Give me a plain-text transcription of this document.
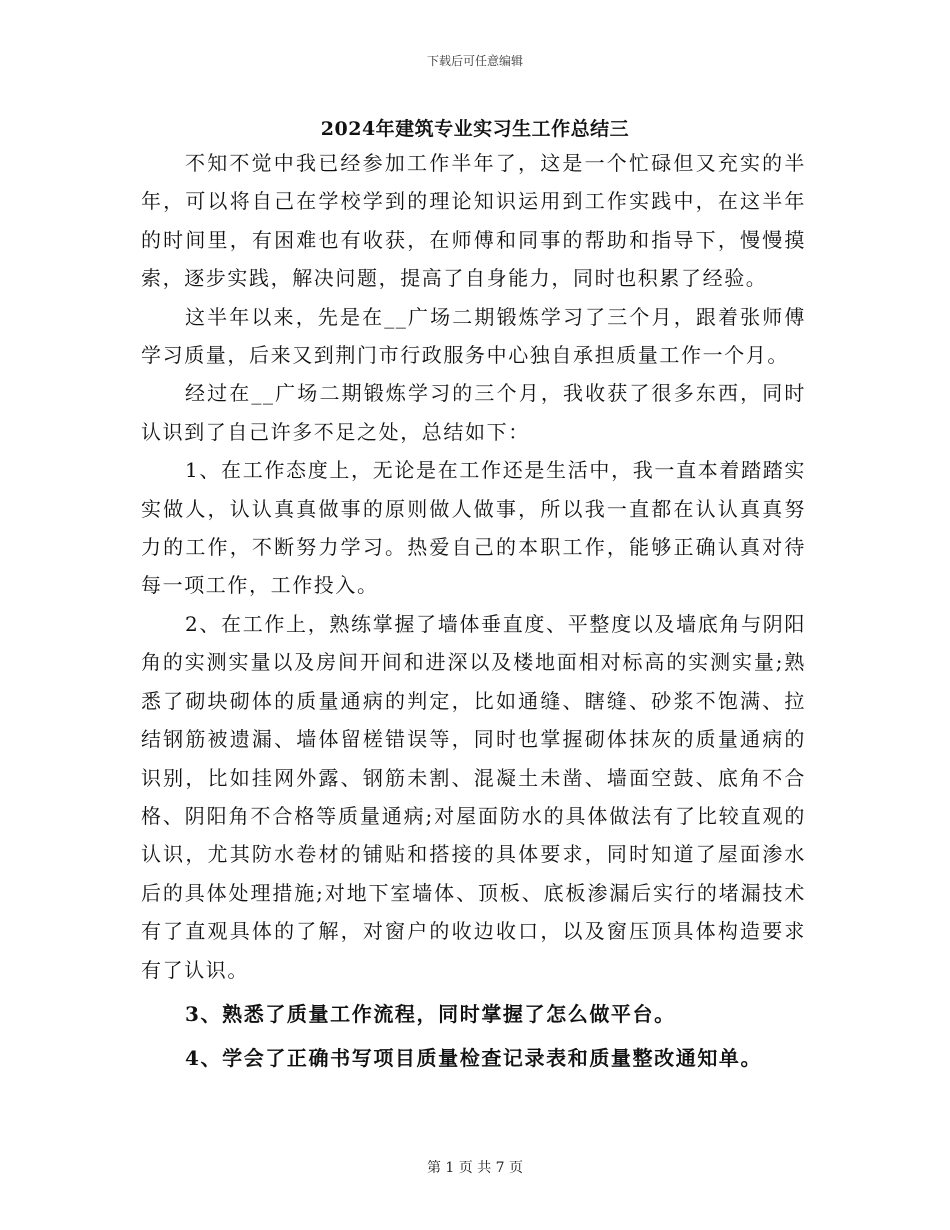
下载后可任意编辑
2024年建筑专业实习生工作总结三

不知不觉中我已经参加工作半年了，这是一个忙碌但又充实的半年，可以将自己在学校学到的理论知识运用到工作实践中，在这半年的时间里，有困难也有收获，在师傅和同事的帮助和指导下，慢慢摸索，逐步实践，解决问题，提高了自身能力，同时也积累了经验。

这半年以来，先是在__广场二期锻炼学习了三个月，跟着张师傅学习质量，后来又到荆门市行政服务中心独自承担质量工作一个月。

经过在__广场二期锻炼学习的三个月，我收获了很多东西，同时认识到了自己许多不足之处，总结如下：

1、在工作态度上，无论是在工作还是生活中，我一直本着踏踏实实做人，认认真真做事的原则做人做事，所以我一直都在认认真真努力的工作，不断努力学习。热爱自己的本职工作，能够正确认真对待每一项工作，工作投入。

2、在工作上，熟练掌握了墙体垂直度、平整度以及墙底角与阴阳角的实测实量以及房间开间和进深以及楼地面相对标高的实测实量;熟悉了砌块砌体的质量通病的判定，比如通缝、瞎缝、砂浆不饱满、拉结钢筋被遗漏、墙体留槎错误等，同时也掌握砌体抹灰的质量通病的识别，比如挂网外露、钢筋未割、混凝土未凿、墙面空鼓、底角不合格、阴阳角不合格等质量通病;对屋面防水的具体做法有了比较直观的认识，尤其防水卷材的铺贴和搭接的具体要求，同时知道了屋面渗水后的具体处理措施;对地下室墙体、顶板、底板渗漏后实行的堵漏技术有了直观具体的了解，对窗户的收边收口，以及窗压顶具体构造要求有了认识。

3、熟悉了质量工作流程，同时掌握了怎么做平台。

4、学会了正确书写项目质量检查记录表和质量整改通知单。

第 1 页 共 7 页
